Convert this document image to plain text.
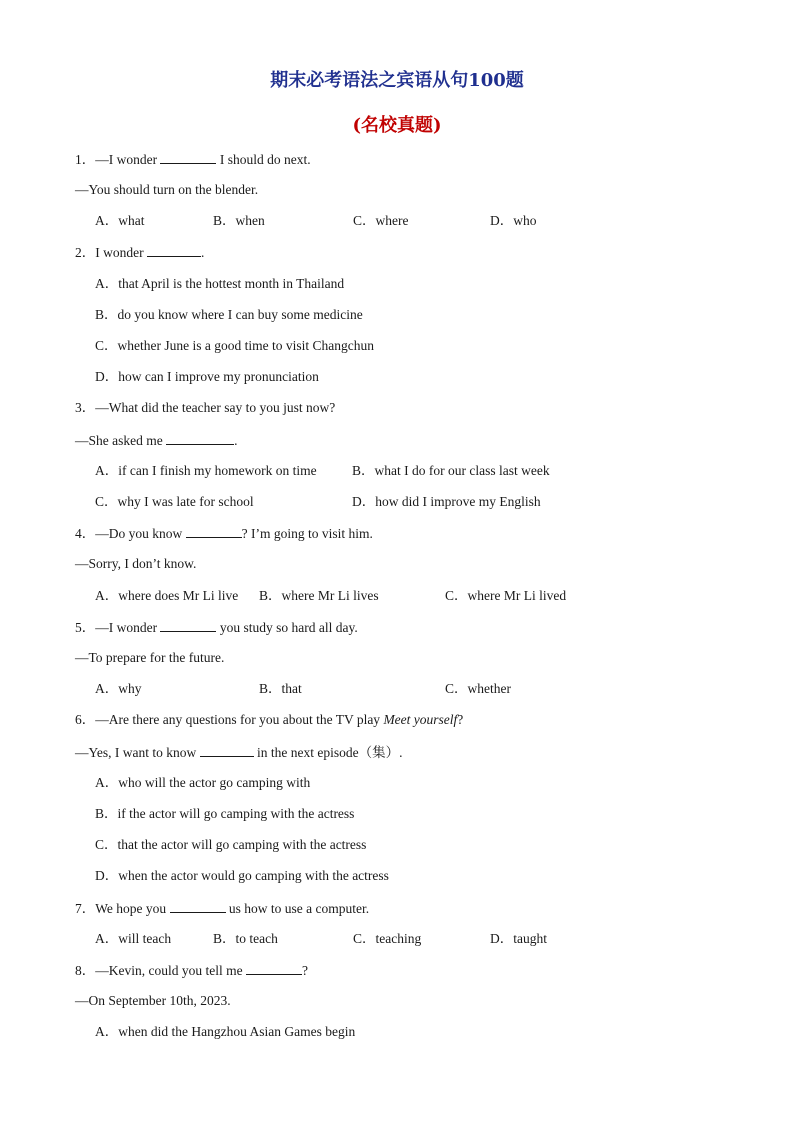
期末必考语法之宾语从句100题
(名校真题)
1．—I wonder	I should do next.
—You should turn on the blender.
A．what	B．when	C．where	D．who
2．I wonder	.
A．that April is the hottest month in Thailand
B．do you know where I can buy some medicine
C．whether June is a good time to visit Changchun
D．how can I improve my pronunciation
3．—What did the teacher say to you just now?
—She asked me	.
A．if can I finish my homework on time	B．what I do for our class last week
C．why I was late for school	D．how did I improve my English
4．—Do you know	? I’m going to visit him.
—Sorry, I don’t know.
A．where does Mr Li live B．where Mr Li lives	C．where Mr Li lived
5．—I wonder	you study so hard all day.
—To prepare for the future.
A．why	B．that	C．whether
6．—Are there any questions for you about the TV play Meet yourself?
—Yes, I want to know	in the next episode（集）.
A．who will the actor go camping with
B．if the actor will go camping with the actress
C．that the actor will go camping with the actress
D．when the actor would go camping with the actress
7．We hope you	us how to use a computer.
A．will teach	B．to teach	C．teaching	D．taught
8．—Kevin, could you tell me	?
—On September 10th, 2023.
A．when did the Hangzhou Asian Games begin
